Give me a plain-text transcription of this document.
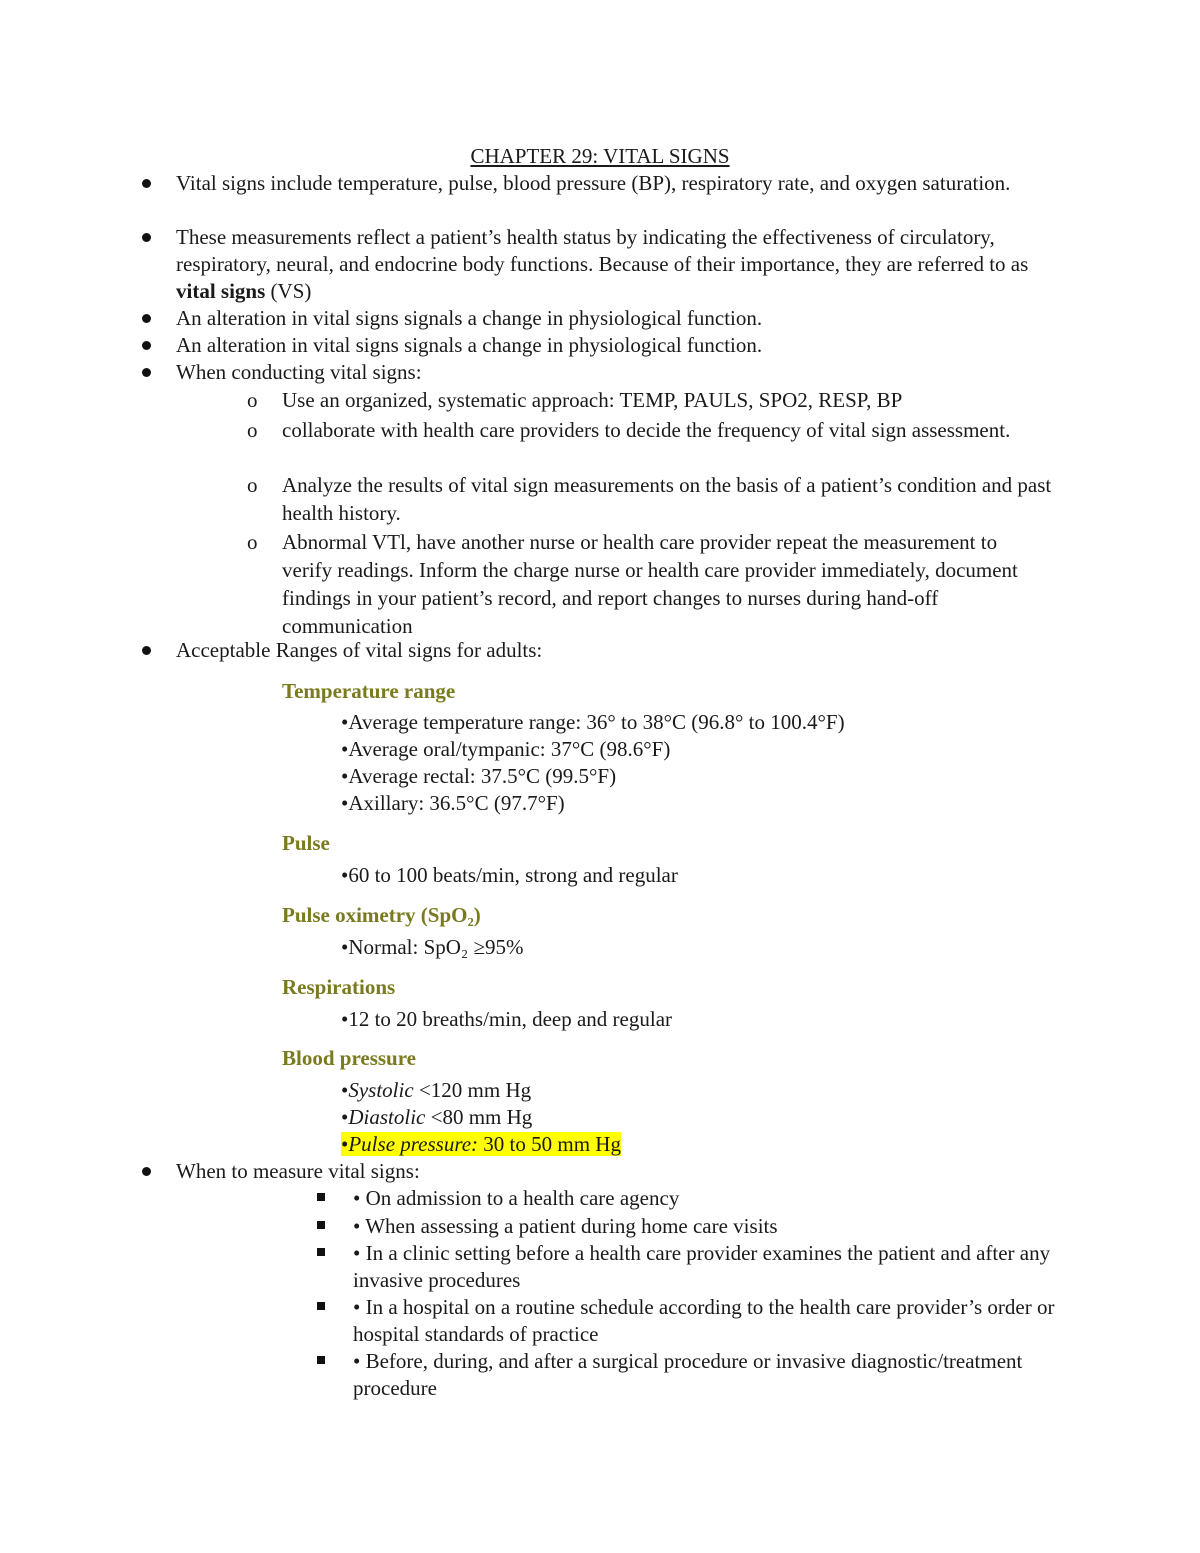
CHAPTER 29: VITAL SIGNS
Vital signs include temperature, pulse, blood pressure (BP), respiratory rate, and oxygen saturation.
These measurements reflect a patient’s health status by indicating the effectiveness of circulatory, respiratory, neural, and endocrine body functions. Because of their importance, they are referred to as vital signs (VS)
An alteration in vital signs signals a change in physiological function.
An alteration in vital signs signals a change in physiological function.
When conducting vital signs:
o Use an organized, systematic approach: TEMP, PAULS, SPO2, RESP, BP
o collaborate with health care providers to decide the frequency of vital sign assessment.
o Analyze the results of vital sign measurements on the basis of a patient’s condition and past health history.
o Abnormal VTl, have another nurse or health care provider repeat the measurement to verify readings. Inform the charge nurse or health care provider immediately, document findings in your patient’s record, and report changes to nurses during hand-off communication
Acceptable Ranges of vital signs for adults:
Temperature range
•Average temperature range: 36° to 38°C (96.8° to 100.4°F)
•Average oral/tympanic: 37°C (98.6°F)
•Average rectal: 37.5°C (99.5°F)
•Axillary: 36.5°C (97.7°F)
Pulse
•60 to 100 beats/min, strong and regular
Pulse oximetry (SpO₂)
•Normal: SpO₂ ≥95%
Respirations
•12 to 20 breaths/min, deep and regular
Blood pressure
•Systolic <120 mm Hg
•Diastolic <80 mm Hg
•Pulse pressure: 30 to 50 mm Hg
When to measure vital signs:
• On admission to a health care agency
• When assessing a patient during home care visits
• In a clinic setting before a health care provider examines the patient and after any invasive procedures
• In a hospital on a routine schedule according to the health care provider’s order or hospital standards of practice
• Before, during, and after a surgical procedure or invasive diagnostic/treatment procedure
